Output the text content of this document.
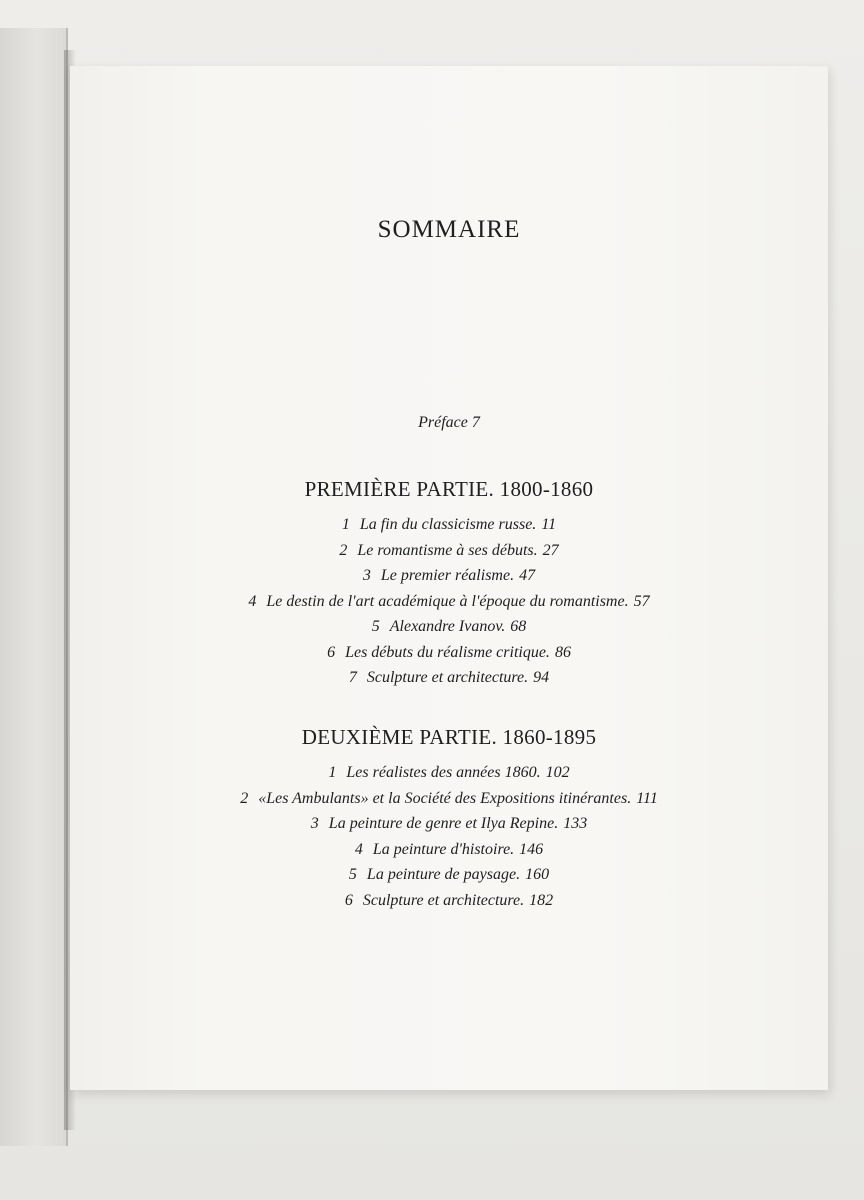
SOMMAIRE
Préface 7
PREMIÈRE PARTIE. 1800-1860
1 La fin du classicisme russe. 11
2 Le romantisme à ses débuts. 27
3 Le premier réalisme. 47
4 Le destin de l'art académique à l'époque du romantisme. 57
5 Alexandre Ivanov. 68
6 Les débuts du réalisme critique. 86
7 Sculpture et architecture. 94
DEUXIÈME PARTIE. 1860-1895
1 Les réalistes des années 1860. 102
2 «Les Ambulants» et la Société des Expositions itinérantes. 111
3 La peinture de genre et Ilya Repine. 133
4 La peinture d'histoire. 146
5 La peinture de paysage. 160
6 Sculpture et architecture. 182
